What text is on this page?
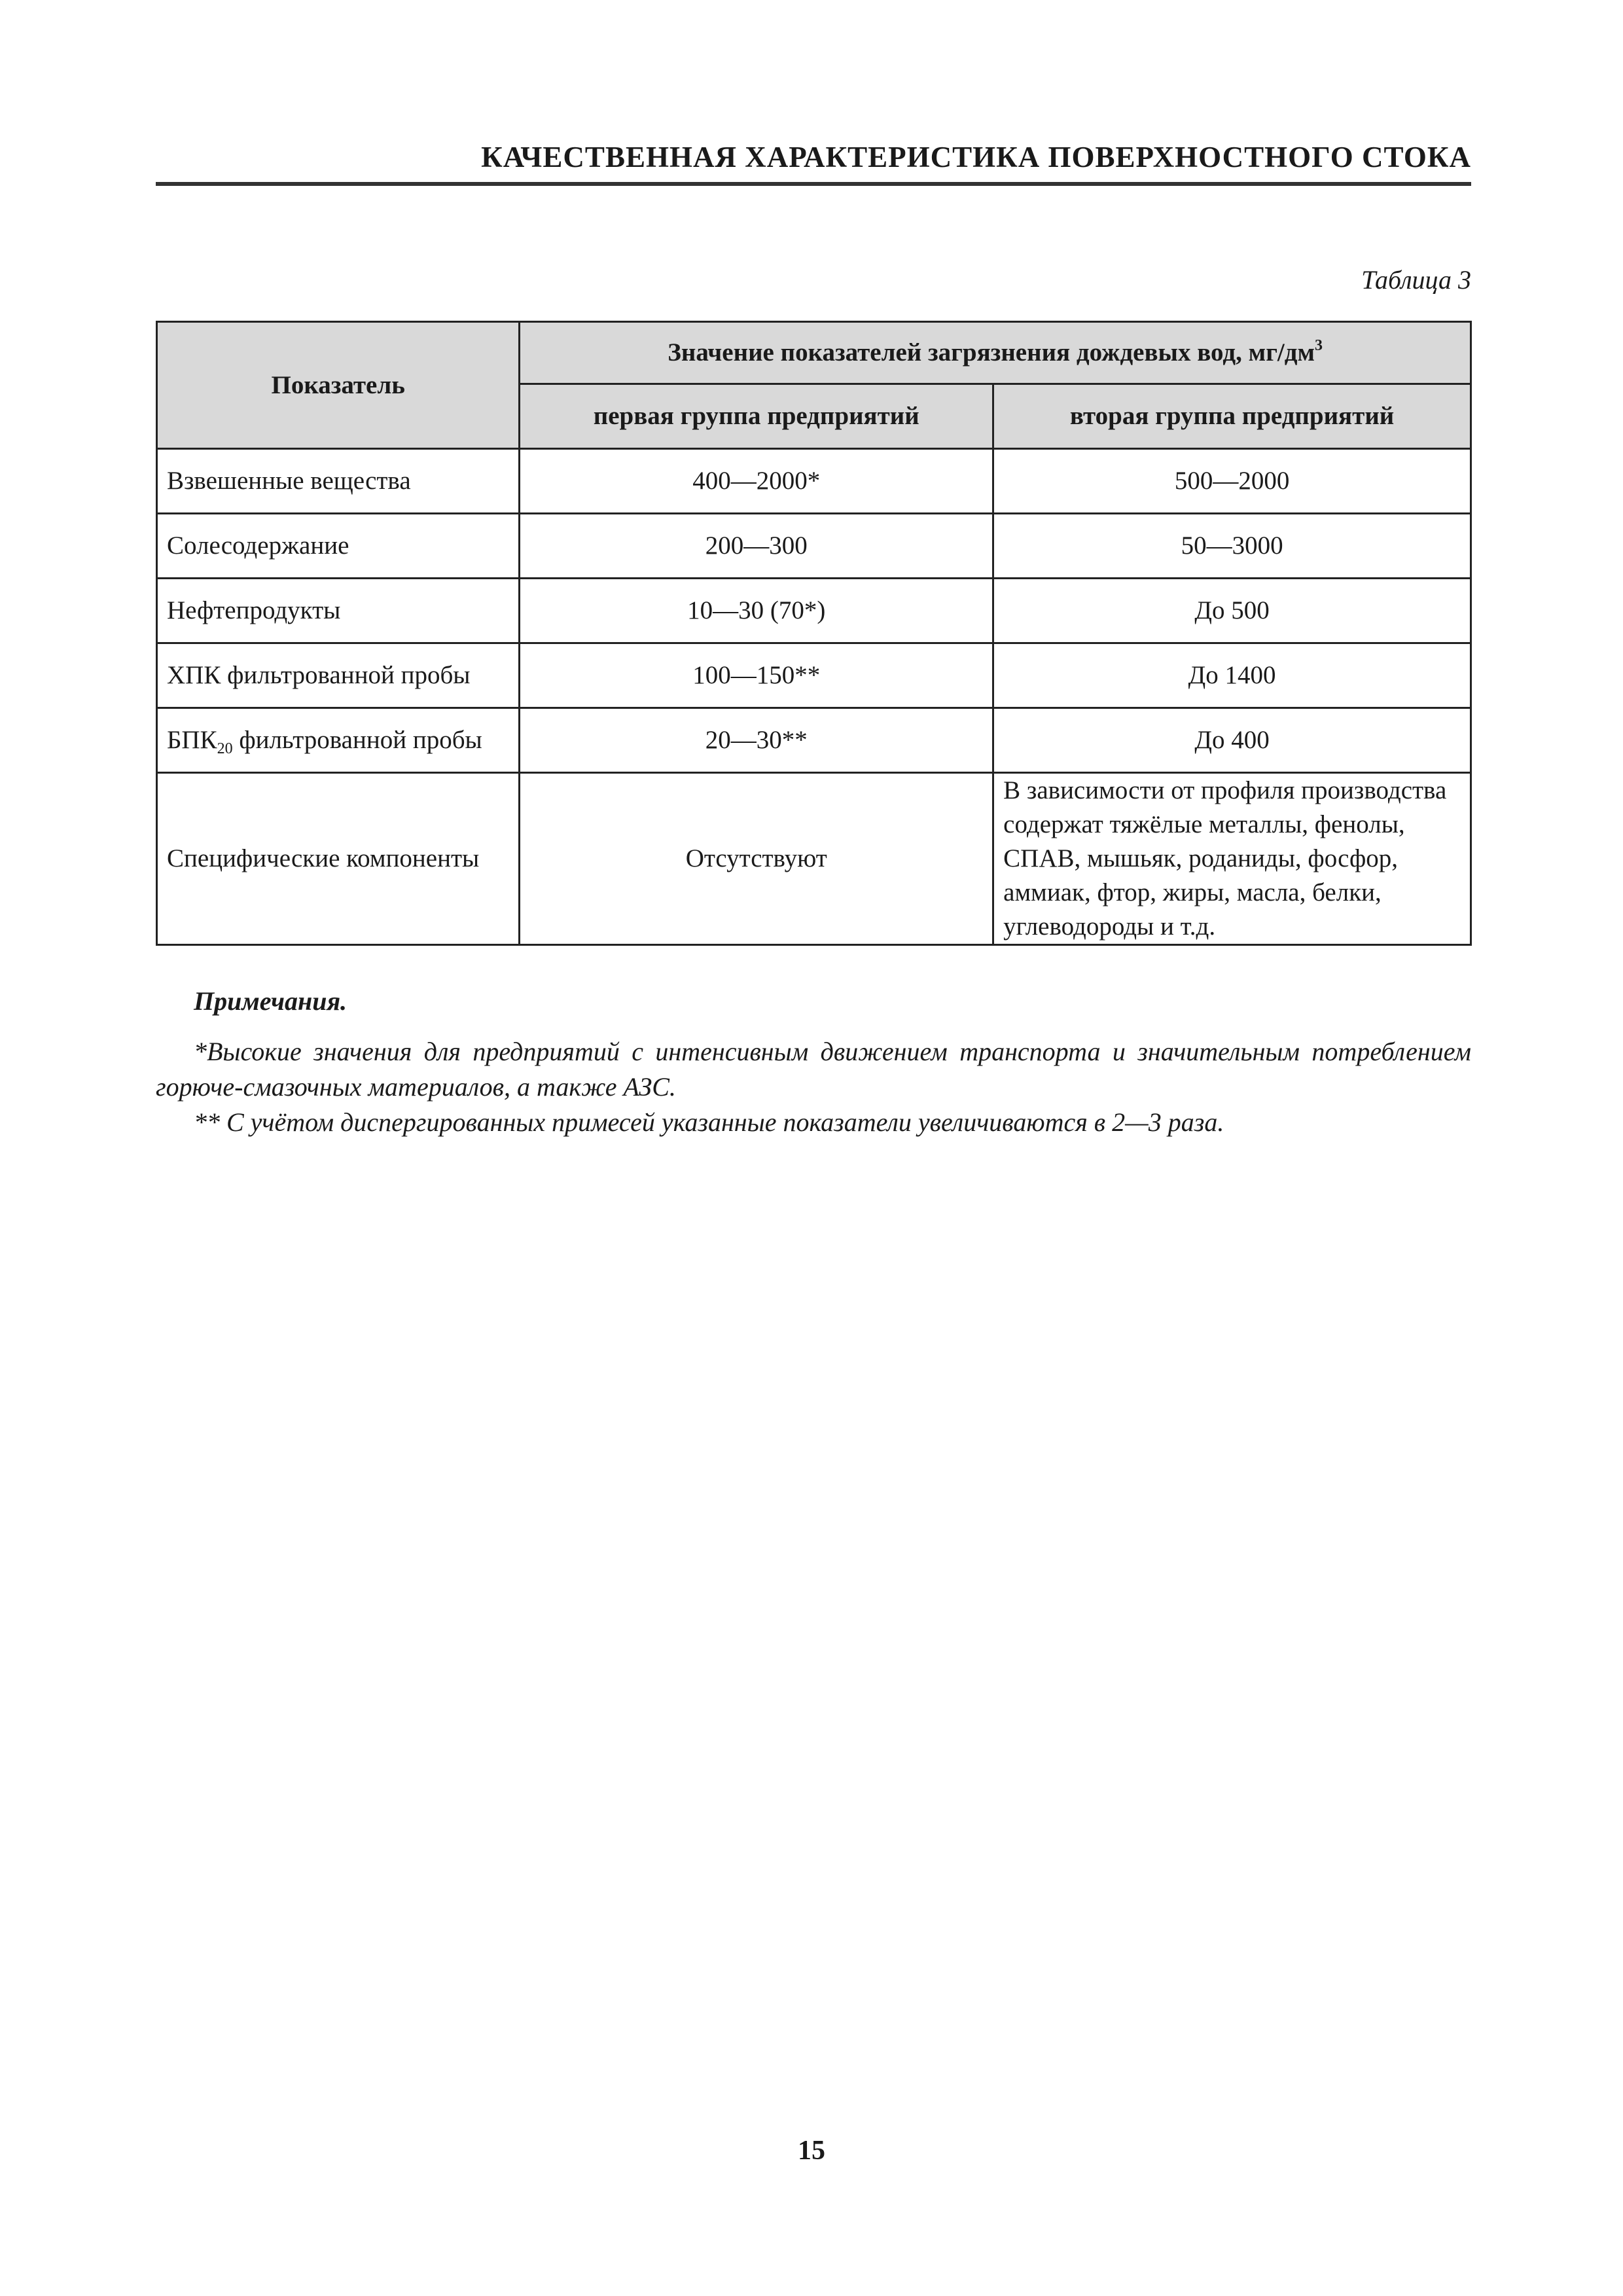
КАЧЕСТВЕННАЯ ХАРАКТЕРИСТИКА ПОВЕРХНОСТНОГО СТОКА
Таблица 3
Показатель	Значение показателей загрязнения дождевых вод, $мг/дм^3$
	первая группа предприятий	вторая группа предприятий
Взвешенные вещества	400—2000*	500—2000
Солесодержание	200—300	50—3000
Нефтепродукты	10—30 (70*)	До 500
ХПК фильтрованной пробы	100—150**	До 1400
$БПК_{20}$ фильтрованной пробы	20—30**	До 400
Специфические компоненты	Отсутствуют	В зависимости от профиля производства содержат тяжёлые металлы, фенолы, СПАВ, мышьяк, роданиды, фосфор, аммиак, фтор, жиры, масла, белки, углеводороды и т.д.
Примечания.

*Высокие значения для предприятий с интенсивным движением транспорта и значительным потреблением горюче-смазочных материалов, а также АЗС.

** С учётом диспергированных примесей указанные показатели увеличиваются в 2—3 раза.

15
